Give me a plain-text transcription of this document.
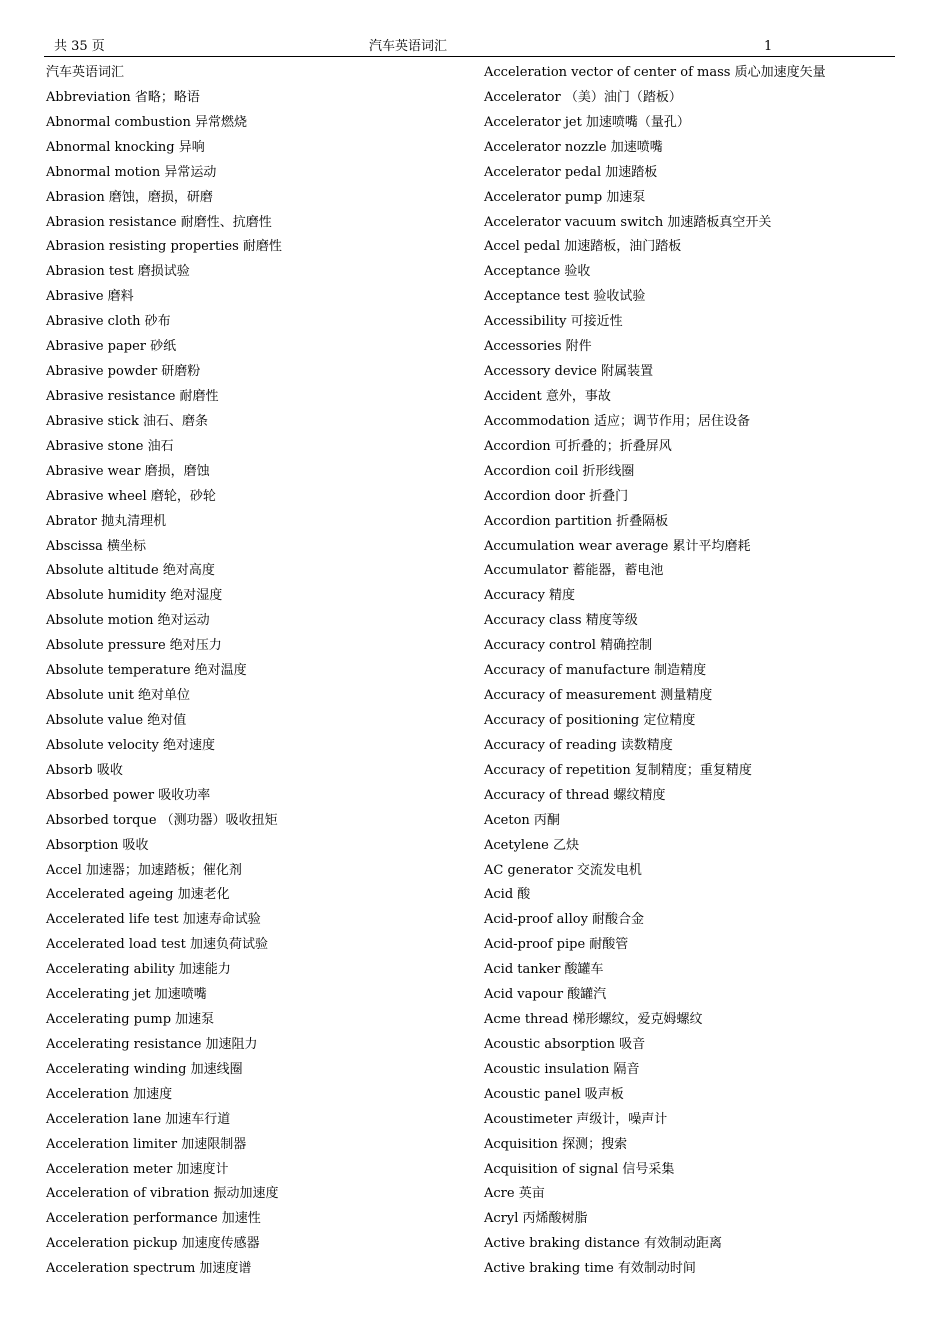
共 35 页	汽车英语词汇	1
汽车英语词汇
Abbreviation 省略；略语
Abnormal combustion 异常燃烧
Abnormal knocking 异响
Abnormal motion 异常运动
Abrasion 磨蚀，磨损，研磨
Abrasion resistance 耐磨性、抗磨性
Abrasion resisting properties 耐磨性
Abrasion test 磨损试验
Abrasive 磨料
Abrasive cloth 砂布
Abrasive paper 砂纸
Abrasive powder 研磨粉
Abrasive resistance 耐磨性
Abrasive stick 油石、磨条
Abrasive stone 油石
Abrasive wear 磨损，磨蚀
Abrasive wheel 磨轮，砂轮
Abrator 抛丸清理机
Abscissa 横坐标
Absolute altitude 绝对高度
Absolute humidity 绝对湿度
Absolute motion 绝对运动
Absolute pressure 绝对压力
Absolute temperature 绝对温度
Absolute unit 绝对单位
Absolute value 绝对值
Absolute velocity 绝对速度
Absorb 吸收
Absorbed power 吸收功率
Absorbed torque （测功器）吸收扭矩
Absorption 吸收
Accel 加速器；加速踏板；催化剂
Accelerated ageing 加速老化
Accelerated life test 加速寿命试验
Accelerated load test 加速负荷试验
Accelerating ability 加速能力
Accelerating jet 加速喷嘴
Accelerating pump 加速泵
Accelerating resistance 加速阻力
Accelerating winding 加速线圈
Acceleration 加速度
Acceleration lane 加速车行道
Acceleration limiter 加速限制器
Acceleration meter 加速度计
Acceleration of vibration 振动加速度
Acceleration performance 加速性
Acceleration pickup 加速度传感器
Acceleration spectrum 加速度谱
Acceleration vector of center of mass 质心加速度矢量
Accelerator （美）油门（踏板）
Accelerator jet 加速喷嘴（量孔）
Accelerator nozzle 加速喷嘴
Accelerator pedal 加速踏板
Accelerator pump 加速泵
Accelerator vacuum switch 加速踏板真空开关
Accel pedal 加速踏板，油门踏板
Acceptance 验收
Acceptance test 验收试验
Accessibility 可接近性
Accessories 附件
Accessory device 附属装置
Accident 意外，事故
Accommodation 适应；调节作用；居住设备
Accordion 可折叠的；折叠屏风
Accordion coil 折形线圈
Accordion door 折叠门
Accordion partition 折叠隔板
Accumulation wear average 累计平均磨耗
Accumulator 蓄能器，蓄电池
Accuracy 精度
Accuracy class 精度等级
Accuracy control 精确控制
Accuracy of manufacture 制造精度
Accuracy of measurement 测量精度
Accuracy of positioning 定位精度
Accuracy of reading 读数精度
Accuracy of repetition 复制精度；重复精度
Accuracy of thread 螺纹精度
Aceton 丙酮
Acetylene 乙炔
AC generator 交流发电机
Acid 酸
Acid-proof alloy 耐酸合金
Acid-proof pipe 耐酸管
Acid tanker 酸罐车
Acid vapour 酸罐汽
Acme thread 梯形螺纹，爱克姆螺纹
Acoustic absorption 吸音
Acoustic insulation 隔音
Acoustic panel 吸声板
Acoustimeter 声级计，噪声计
Acquisition 探测；搜索
Acquisition of signal 信号采集
Acre 英亩
Acryl 丙烯酸树脂
Active braking distance 有效制动距离
Active braking time 有效制动时间
